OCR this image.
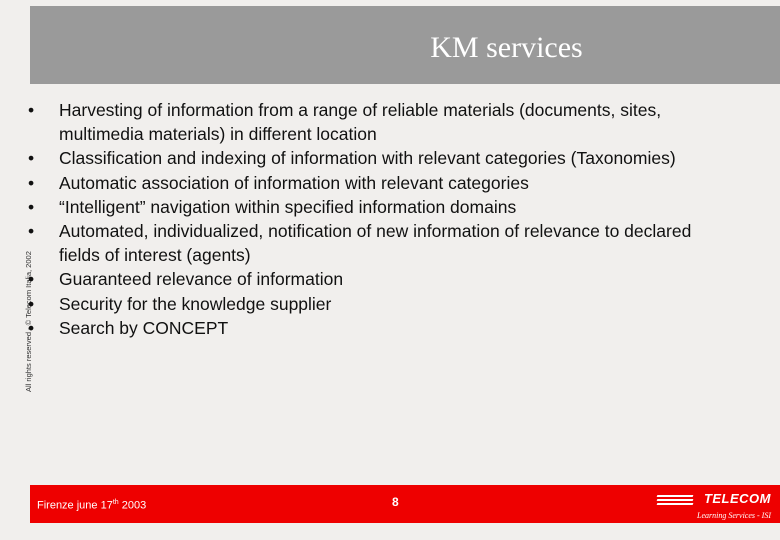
KM services
All rights reserved - © Telecom Italia, 2002
• Harvesting of information from a range of reliable materials (documents, sites, multimedia materials) in different location
• Classification and indexing of information with relevant categories (Taxonomies)
• Automatic association of information with relevant categories
• “Intelligent” navigation within specified information domains
• Automated, individualized, notification of new information of relevance to declared fields of interest (agents)
• Guaranteed relevance of information
• Security for the knowledge supplier
• Search by CONCEPT
Firenze june 17th 2003	8	TELECOM
Learning Services - ISI
